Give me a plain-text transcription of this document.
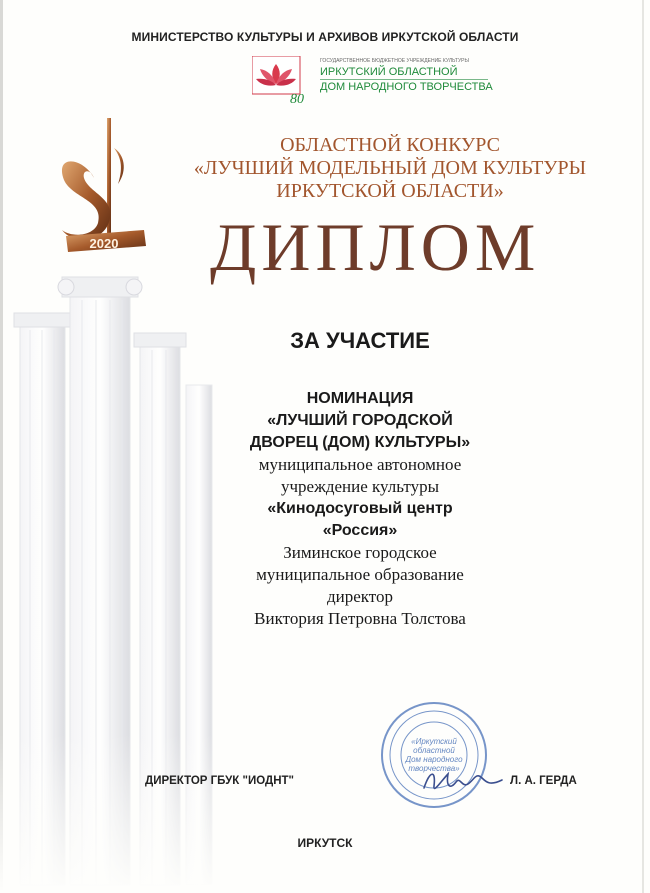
МИНИСТЕРСТВО КУЛЬТУРЫ И АРХИВОВ ИРКУТСКОЙ ОБЛАСТИ
80
ГОСУДАРСТВЕННОЕ БЮДЖЕТНОЕ УЧРЕЖДЕНИЕ КУЛЬТУРЫ
ИРКУТСКИЙ ОБЛАСТНОЙ
ДОМ НАРОДНОГО ТВОРЧЕСТВА
2020
ОБЛАСТНОЙ КОНКУРС
«ЛУЧШИЙ МОДЕЛЬНЫЙ ДОМ КУЛЬТУРЫ
ИРКУТСКОЙ ОБЛАСТИ»
ДИПЛОМ
ЗА УЧАСТИЕ
НОМИНАЦИЯ
«ЛУЧШИЙ ГОРОДСКОЙ
ДВОРЕЦ (ДОМ) КУЛЬТУРЫ»
муниципальное автономное
учреждение культуры
«Кинодосуговый центр
«Россия»
Зиминское городское
муниципальное образование
директор
Виктория Петровна Толстова
«Иркутский
областной
Дом народного
творчества»
ДИРЕКТОР ГБУК "ИОДНТ"	Л. А. ГЕРДА
ИРКУТСК
